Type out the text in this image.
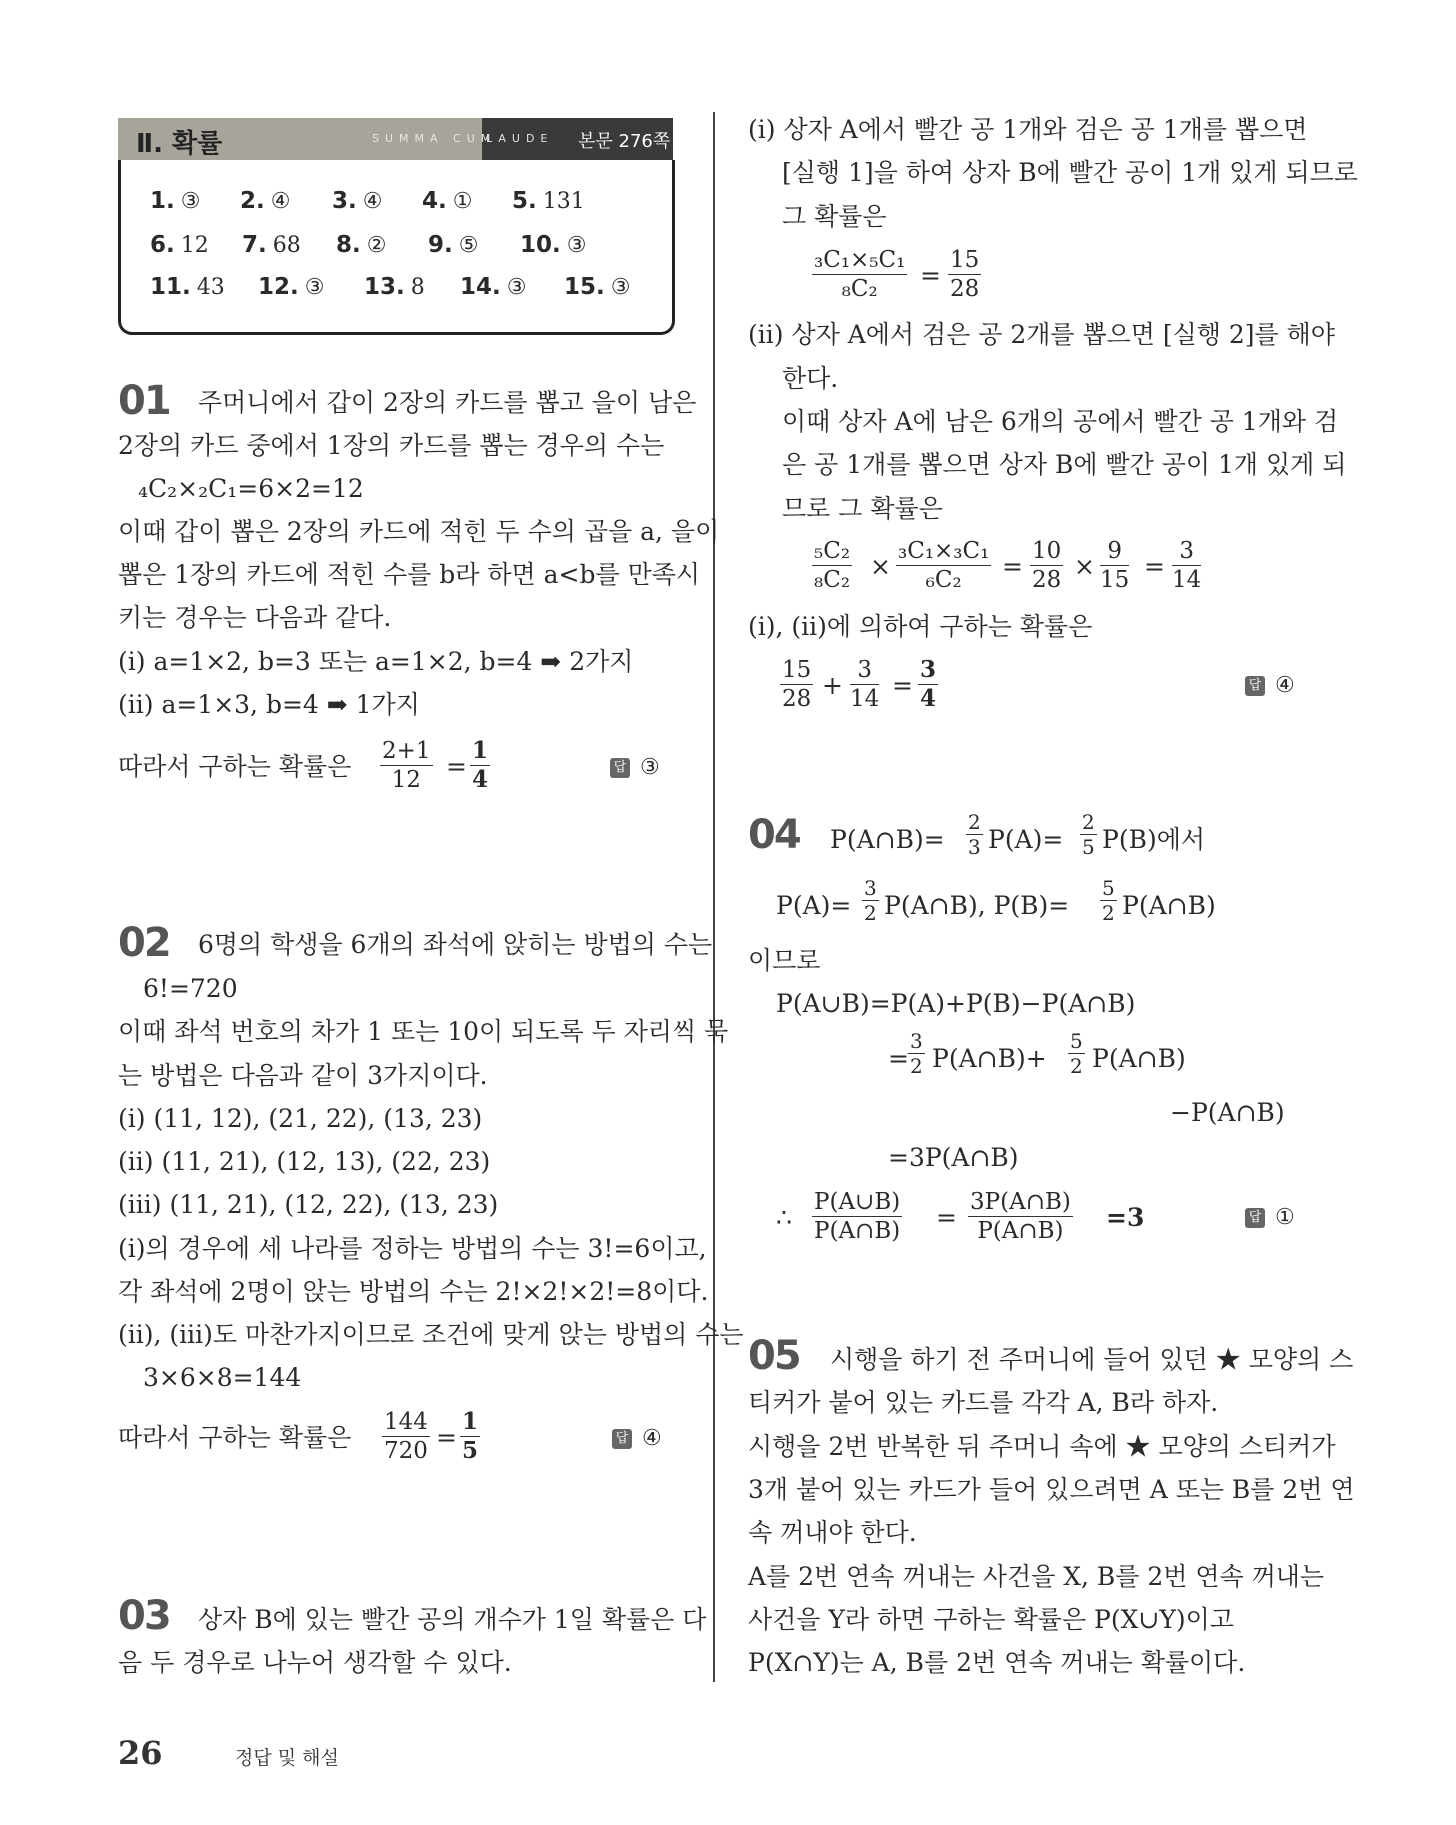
Ⅱ. 확률	SUMMA CUM
LAUDE 본문 276쪽
1. ③ 2. ④ 3. ④ 4. ① 5. 131
6. 12 7. 68 8. ② 9. ⑤ 10. ③
11. 43 12. ③ 13. 8 14. ③ 15. ③
01 주머니에서 갑이 2장의 카드를 뽑고 을이 남은
2장의 카드 중에서 1장의 카드를 뽑는 경우의 수는
₄C₂×₂C₁=6×2=12
이때 갑이 뽑은 2장의 카드에 적힌 두 수의 곱을 a, 을이
뽑은 1장의 카드에 적힌 수를 b라 하면 a<b를 만족시
키는 경우는 다음과 같다.
(ⅰ) a=1×2, b=3 또는 a=1×2, b=4 ➡ 2가지
(ⅱ) a=1×3, b=4 ➡ 1가지
따라서 구하는 확률은 $\frac{2+1}{12} = \frac{1}{4}$	답 ③
02 6명의 학생을 6개의 좌석에 앉히는 방법의 수는
6!=720
이때 좌석 번호의 차가 1 또는 10이 되도록 두 자리씩 묶
는 방법은 다음과 같이 3가지이다.
(ⅰ) (11, 12), (21, 22), (13, 23)
(ⅱ) (11, 21), (12, 13), (22, 23)
(ⅲ) (11, 21), (12, 22), (13, 23)
(ⅰ)의 경우에 세 나라를 정하는 방법의 수는 3!=6이고,
각 좌석에 2명이 앉는 방법의 수는 2!×2!×2!=8이다.
(ⅱ), (ⅲ)도 마찬가지이므로 조건에 맞게 앉는 방법의 수는
3×6×8=144
따라서 구하는 확률은 $\frac{144}{720} = \frac{1}{5}$	답 ④
03 상자 B에 있는 빨간 공의 개수가 1일 확률은 다
음 두 경우로 나누어 생각할 수 있다.
(ⅰ) 상자 A에서 빨간 공 1개와 검은 공 1개를 뽑으면
[실행 1]을 하여 상자 B에 빨간 공이 1개 있게 되므로
그 확률은
$\frac{\text{₃C₁×₅C₁}}{\text{₈C₂}} = \frac{15}{28}$
(ⅱ) 상자 A에서 검은 공 2개를 뽑으면 [실행 2]를 해야
한다.
이때 상자 A에 남은 6개의 공에서 빨간 공 1개와 검
은 공 1개를 뽑으면 상자 B에 빨간 공이 1개 있게 되
므로 그 확률은
$\frac{\text{₅C₂}}{\text{₈C₂}} \times \frac{\text{₃C₁×₃C₁}}{\text{₆C₂}} = \frac{10}{28} \times \frac{9}{15} = \frac{3}{14}$
(ⅰ), (ⅱ)에 의하여 구하는 확률은
$\frac{15}{28} + \frac{3}{14} = \frac{3}{4}$	답 ④
04 P(A∩B)= $\frac{2}{3} P(A)= \frac{2}{5} P(B)$에서
$P(A)= \frac{3}{2}$ P(A∩B), $P(B)= \frac{5}{2}$ P(A∩B)
이므로
P(A∪B)=P(A)+P(B)−P(A∩B)
= $\frac{3}{2}$ P(A∩B)+ $\frac{5}{2}$ P(A∩B)
−P(A∩B)
=3P(A∩B)
∴ $\frac{P(A\cup B)}{P(A\cap B)} = \frac{3P(A\cap B)}{P(A\cap B)} =3$	답 ①
05 시행을 하기 전 주머니에 들어 있던 ★ 모양의 스
티커가 붙어 있는 카드를 각각 A, B라 하자.
시행을 2번 반복한 뒤 주머니 속에 ★ 모양의 스티커가
3개 붙어 있는 카드가 들어 있으려면 A 또는 B를 2번 연
속 꺼내야 한다.
A를 2번 연속 꺼내는 사건을 X, B를 2번 연속 꺼내는
사건을 Y라 하면 구하는 확률은 P(X∪Y)이고
P(X∩Y)는 A, B를 2번 연속 꺼내는 확률이다.
26	정답 및 해설
